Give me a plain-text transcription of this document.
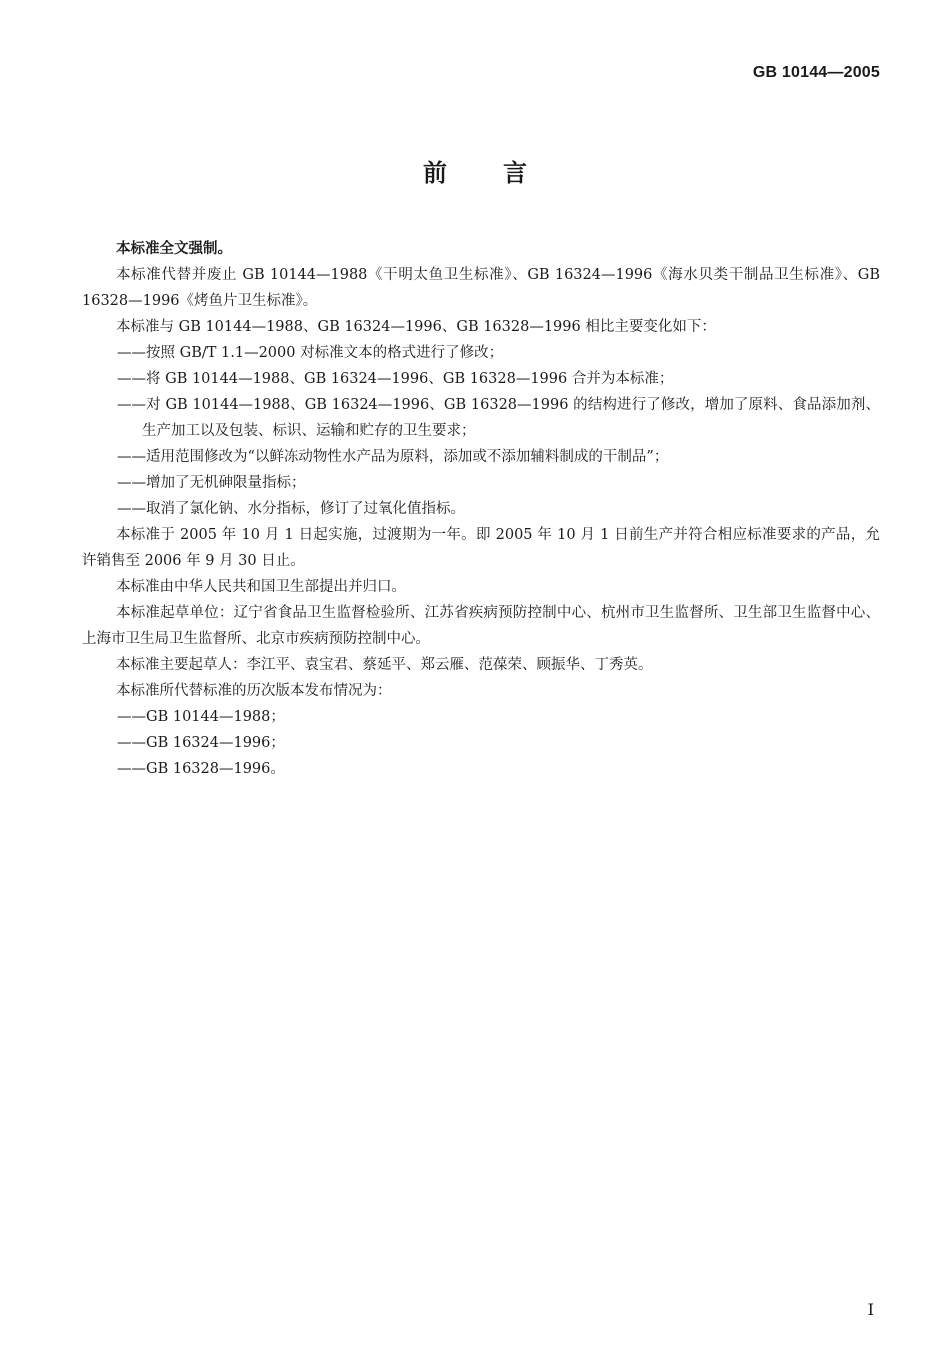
GB 10144—2005
前言

本标准全文强制。

本标准代替并废止 GB 10144—1988《干明太鱼卫生标准》、GB 16324—1996《海水贝类干制品卫生标准》、GB 16328—1996《烤鱼片卫生标准》。

本标准与 GB 10144—1988、GB 16324—1996、GB 16328—1996 相比主要变化如下：

——按照 GB/T 1.1—2000 对标准文本的格式进行了修改；
——将 GB 10144—1988、GB 16324—1996、GB 16328—1996 合并为本标准；
——对 GB 10144—1988、GB 16324—1996、GB 16328—1996 的结构进行了修改，增加了原料、食品添加剂、生产加工以及包装、标识、运输和贮存的卫生要求；
——适用范围修改为“以鲜冻动物性水产品为原料，添加或不添加辅料制成的干制品”；
——增加了无机砷限量指标；
——取消了氯化钠、水分指标，修订了过氧化值指标。

本标准于 2005 年 10 月 1 日起实施，过渡期为一年。即 2005 年 10 月 1 日前生产并符合相应标准要求的产品，允许销售至 2006 年 9 月 30 日止。

本标准由中华人民共和国卫生部提出并归口。

本标准起草单位：辽宁省食品卫生监督检验所、江苏省疾病预防控制中心、杭州市卫生监督所、卫生部卫生监督中心、上海市卫生局卫生监督所、北京市疾病预防控制中心。

本标准主要起草人：李江平、袁宝君、蔡延平、郑云雁、范葆荣、顾振华、丁秀英。

本标准所代替标准的历次版本发布情况为：

——GB 10144—1988；
——GB 16324—1996；
——GB 16328—1996。
I
